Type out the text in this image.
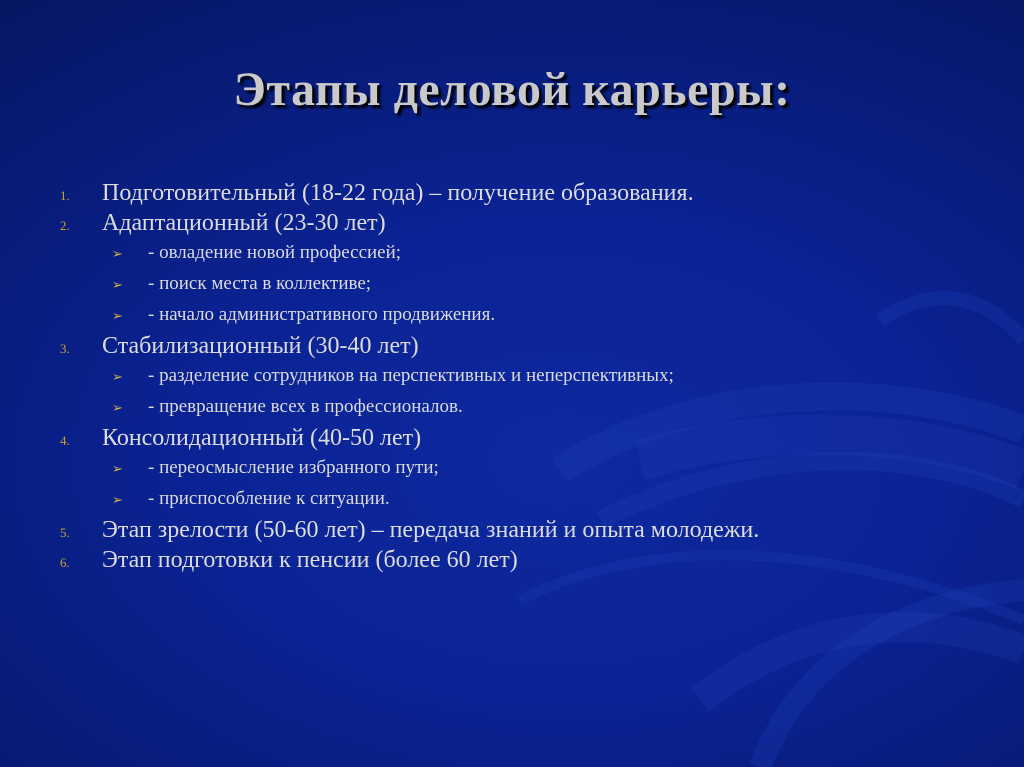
Этапы деловой карьеры:
1.	Подготовительный (18-22 года) – получение образования.
2.	Адаптационный (23-30 лет)
➢ - овладение новой профессией;
➢ - поиск места в коллективе;
➢ - начало административного продвижения.
3.	Стабилизационный (30-40 лет)
➢ - разделение сотрудников на перспективных и неперспективных;
➢ - превращение всех в профессионалов.
4.	Консолидационный (40-50 лет)
➢ - переосмысление избранного пути;
➢ - приспособление к ситуации.
5.	Этап зрелости (50-60 лет) – передача знаний и опыта молодежи.
6.	Этап подготовки к пенсии (более 60 лет)
